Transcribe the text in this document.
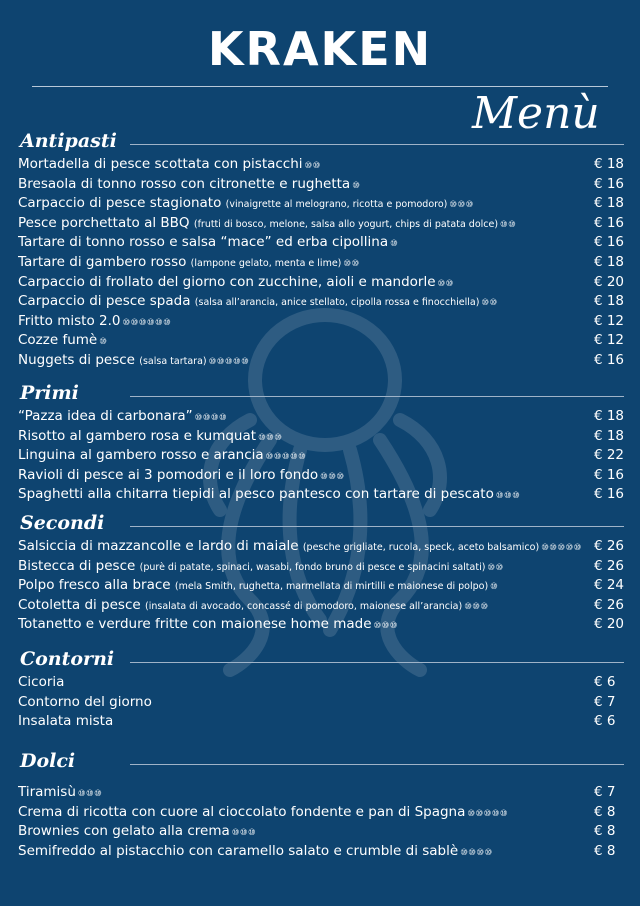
KRAKEN
Menù
Antipasti
Mortadella di pesce scottata con pistacchi ⑩⑩	€ 18
Bresaola di tonno rosso con citronette e rughetta ⑩	€ 16
Carpaccio di pesce stagionato (vinaigrette al melograno, ricotta e pomodoro) ⑩⑩⑩	€ 18
Pesce porchettato al BBQ (frutti di bosco, melone, salsa allo yogurt, chips di patata dolce) ⑩⑩	€ 16
Tartare di tonno rosso e salsa “mace” ed erba cipollina ⑩	€ 16
Tartare di gambero rosso (lampone gelato, menta e lime) ⑩⑩	€ 18
Carpaccio di frollato del giorno con zucchine, aioli e mandorle ⑩⑩	€ 20
Carpaccio di pesce spada (salsa all’arancia, anice stellato, cipolla rossa e finocchiella) ⑩⑩	€ 18
Fritto misto 2.0 ⑩⑩⑩⑩⑩⑩	€ 12
Cozze fumè ⑩	€ 12
Nuggets di pesce (salsa tartara) ⑩⑩⑩⑩⑩	€ 16
Primi
“Pazza idea di carbonara” ⑩⑩⑩⑩	€ 18
Risotto al gambero rosa e kumquat ⑩⑩⑩	€ 18
Linguina al gambero rosso e arancia ⑩⑩⑩⑩⑩	€ 22
Ravioli di pesce ai 3 pomodori e il loro fondo ⑩⑩⑩	€ 16
Spaghetti alla chitarra tiepidi al pesco pantesco con tartare di pescato ⑩⑩⑩	€ 16
Secondi
Salsiccia di mazzancolle e lardo di maiale (pesche grigliate, rucola, speck, aceto balsamico) ⑩⑩⑩⑩⑩ € 26
Bistecca di pesce (purè di patate, spinaci, wasabi, fondo bruno di pesce e spinacini saltati) ⑩⑩	€ 26
Polpo fresco alla brace (mela Smith, rughetta, marmellata di mirtilli e maionese di polpo) ⑩	€ 24
Cotoletta di pesce (insalata di avocado, concassé di pomodoro, maionese all’arancia) ⑩⑩⑩	€ 26
Totanetto e verdure fritte con maionese home made ⑩⑩⑩	€ 20
Contorni
Cicoria	€ 6
Contorno del giorno	€ 7
Insalata mista	€ 6
Dolci
Tiramisù ⑩⑩⑩	€ 7
Crema di ricotta con cuore al cioccolato fondente e pan di Spagna ⑩⑩⑩⑩⑩	€ 8
Brownies con gelato alla crema ⑩⑩⑩	€ 8
Semifreddo al pistacchio con caramello salato e crumble di sablè ⑩⑩⑩⑩	€ 8
